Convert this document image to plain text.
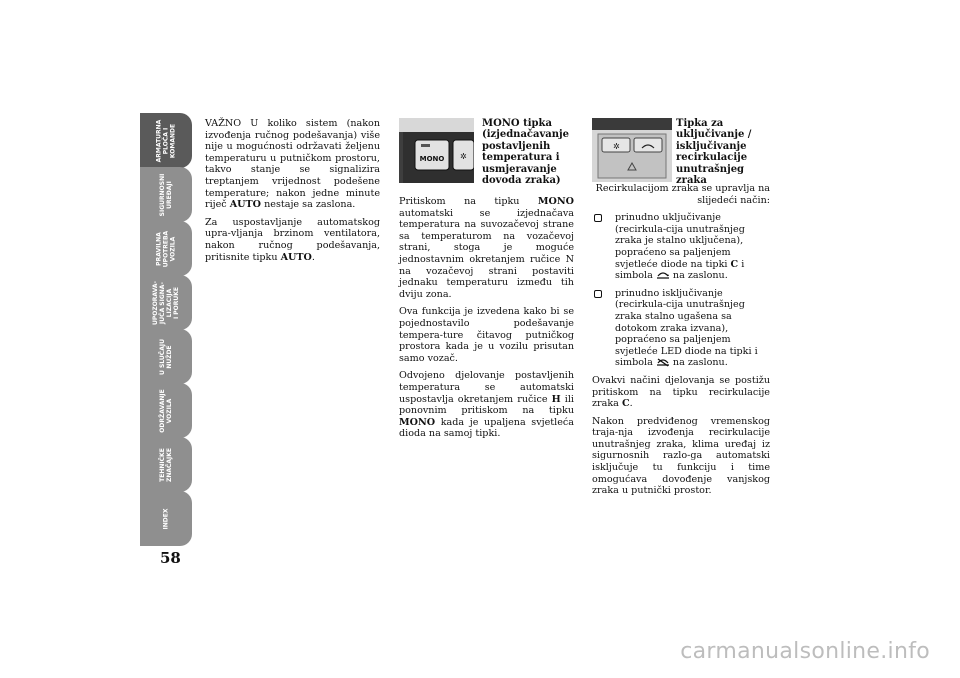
ARMATURNA
PLOČA I
KOMANDE
SIGURNOSNI
UREĐAJI
PRAVILNA
UPOTREBA
VOZILA
UPOZORAVA-
JUĆA SIGNA-
LIZACIJA
I PORUKE
U SLUČAJU
NUŽDE
ODRŽAVANJE
VOZILA
TEHNIČKE
ZNAČAJKE
INDEX
58

VAŽNO U koliko sistem (nakon izvođenja ručnog podešavanja) više nije u mogućnosti održavati željenu temperaturu u putničkom prostoru, takvo stanje se signalizira treptanjem vrijednost podešene temperature; nakon jedne minute riječ AUTO nestaje sa zaslona.

Za uspostavljanje automatskog upra-vljanja brzinom ventilatora, nakon ručnog podešavanja, pritisnite tipku AUTO.

✲
MONO
MONO tipka (izjednačavanje postavljenih temperatura i usmjeravanje dovoda zraka)

Pritiskom na tipku MONO automatski se izjednačava temperatura na suvozačevoj strane sa temperaturom na vozačevoj strani, stoga je moguće jednostavnim okretanjem ručice N na vozačevoj strani postaviti jednaku temperaturu između tih dviju zona.

Ova funkcija je izvedena kako bi se pojednostavilo podešavanje tempera-ture čitavog putničkog prostora kada je u vozilu prisutan samo vozač.

Odvojeno djelovanje postavljenih temperatura se automatski uspostavlja okretanjem ručice H ili ponovnim pritiskom na tipku MONO kada je upaljena svjetleća dioda na samoj tipki.

✲
Tipka za uključivanje / isključivanje recirkulacije unutrašnjeg zraka

Recirkulacijom zraka se upravlja na slijedeći način:

prinudno uključivanje (recirkula-cija unutrašnjeg zraka je stalno uključena), popraćeno sa paljenjem svjetleće diode na tipki C i simbola  na zaslonu.
prinudno isključivanje (recirkula-cija unutrašnjeg zraka stalno ugašena sa dotokom zraka izvana), popraćeno sa paljenjem svjetleće LED diode na tipki i simbola  na zaslonu.

Ovakvi načini djelovanja se postižu pritiskom na tipku recirkulacije zraka C.

Nakon predviđenog vremenskog traja-nja izvođenja recirkulacije unutrašnjeg zraka, klima uređaj iz sigurnosnih razlo-ga automatski isključuje tu funkciju i time omogućava dovođenje vanjskog zraka u putnički prostor.

carmanualsonline.info
